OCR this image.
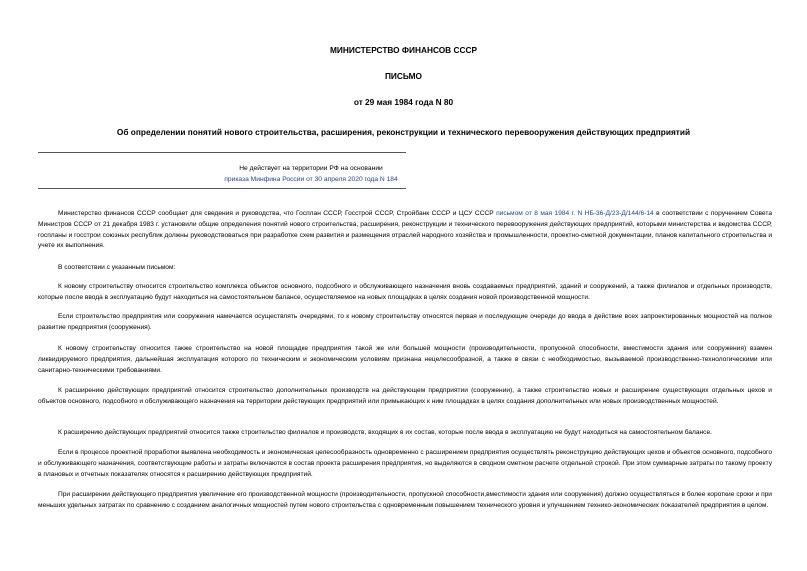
МИНИСТЕРСТВО ФИНАНСОВ СССР
ПИСЬМО
от 29 мая 1984 года N 80
Об определении понятий нового строительства, расширения, реконструкции и технического перевооружения действующих предприятий
Не действует на территории РФ на основании
приказа Минфина России от 30 апреля 2020 года N 184

Министерство финансов СССР сообщает для сведения и руководства, что Госплан СССР, Госстрой СССР, Стройбанк СССР и ЦСУ СССР письмом от 8 мая 1984 г. N НБ-36-Д/23-Д/144/6-14 в соответствии с поручением Совета Министров СССР от 21 декабря 1983 г. установили общие определения понятий нового строительства, расширения, реконструкции и технического перевооружения действующих предприятий, которыми министерства и ведомства СССР, госпланы и госстрои союзных республик должны руководствоваться при разработке схем развития и размещения отраслей народного хозяйства и промышленности, проектно-сметной документации, планов капитального строительства и учете их выполнения.

В соответствии с указанным письмом:

К новому строительству относится строительство комплекса объектов основного, подсобного и обслуживающего назначения вновь создаваемых предприятий, зданий и сооружений, а также филиалов и отдельных производств, которые после ввода в эксплуатацию будут находиться на самостоятельном балансе, осуществляемое на новых площадках в целях создания новой производственной мощности.

Если строительство предприятия или сооружения намечается осуществлять очередями, то к новому строительству относятся первая и последующие очереди до ввода в действие всех запроектированных мощностей на полное развитие предприятия (сооружения).

К новому строительству относится также строительство на новой площадке предприятия такой же или большей мощности (производительности, пропускной способности, вместимости здания или сооружения) взамен ликвидируемого предприятия, дальнейшая эксплуатация которого по техническим и экономическим условиям признана нецелесообразной, а также в связи с необходимостью, вызываемой производственно-технологическими или санитарно-техническими требованиями.

К расширению действующих предприятий относится строительство дополнительных производств на действующем предприятии (сооружении), а также строительство новых и расширение существующих отдельных цехов и объектов основного, подсобного и обслуживающего назначения на территории действующих предприятий или примыкающих к ним площадках в целях создания дополнительных или новых производственных мощностей.

К расширению действующих предприятий относится также строительство филиалов и производств, входящих в их состав, которые после ввода в эксплуатацию не будут находиться на самостоятельном балансе.

Если в процессе проектной проработки выявлена необходимость и экономическая целесообразность одновременно с расширением предприятия осуществлять реконструкцию действующих цехов и объектов основного, подсобного и обслуживающего назначения, соответствующие работы и затраты включаются в состав проекта расширения предприятия, но выделяются в сводном сметном расчете отдельной строкой. При этом суммарные затраты по такому проекту в плановых и отчетных показателях относятся к расширению действующих предприятий.

При расширении действующего предприятия увеличение его производственной мощности (производительности, пропускной способности,вместимости здания или сооружения) должно осуществляться в более короткие сроки и при меньших удельных затратах по сравнению с созданием аналогичных мощностей путем нового строительства с одновременным повышением технического уровня и улучшением технико-экономических показателей предприятия в целом.
